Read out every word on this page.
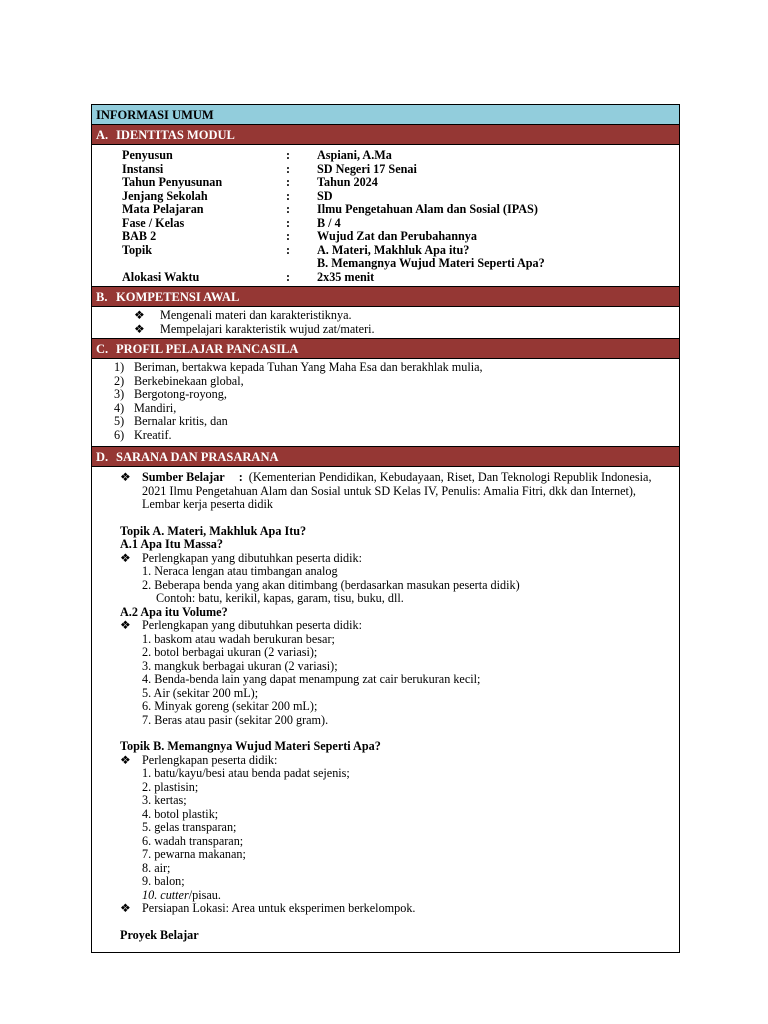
INFORMASI UMUM
A. IDENTITAS MODUL
Penyusun	:	Aspiani, A.Ma
Instansi	:	SD Negeri 17 Senai
Tahun Penyusunan	:	Tahun 2024
Jenjang Sekolah	:	SD
Mata Pelajaran	:	Ilmu Pengetahuan Alam dan Sosial (IPAS)
Fase / Kelas	:	B / 4
BAB 2	:	Wujud Zat dan Perubahannya
Topik	:	A. Materi, Makhluk Apa itu?
B. Memangnya Wujud Materi Seperti Apa?
Alokasi Waktu	:	2x35 menit
B. KOMPETENSI AWAL
❖	Mengenali materi dan karakteristiknya.
❖	Mempelajari karakteristik wujud zat/materi.
C. PROFIL PELAJAR PANCASILA
1) Beriman, bertakwa kepada Tuhan Yang Maha Esa dan berakhlak mulia,
2) Berkebinekaan global,
3) Bergotong-royong,
4) Mandiri,
5) Bernalar kritis, dan
6) Kreatif.
D. SARANA DAN PRASARANA
❖ Sumber Belajar : (Kementerian Pendidikan, Kebudayaan, Riset, Dan Teknologi Republik Indonesia, 2021 Ilmu Pengetahuan Alam dan Sosial untuk SD Kelas IV, Penulis: Amalia Fitri, dkk dan Internet), Lembar kerja peserta didik
Topik A. Materi, Makhluk Apa Itu?
A.1 Apa Itu Massa?
❖ Perlengkapan yang dibutuhkan peserta didik:
1. Neraca lengan atau timbangan analog
2. Beberapa benda yang akan ditimbang (berdasarkan masukan peserta didik)
Contoh: batu, kerikil, kapas, garam, tisu, buku, dll.
A.2 Apa itu Volume?
❖ Perlengkapan yang dibutuhkan peserta didik:
1. baskom atau wadah berukuran besar;
2. botol berbagai ukuran (2 variasi);
3. mangkuk berbagai ukuran (2 variasi);
4. Benda-benda lain yang dapat menampung zat cair berukuran kecil;
5. Air (sekitar 200 mL);
6. Minyak goreng (sekitar 200 mL);
7. Beras atau pasir (sekitar 200 gram).
Topik B. Memangnya Wujud Materi Seperti Apa?
❖ Perlengkapan peserta didik:
1. batu/kayu/besi atau benda padat sejenis;
2. plastisin;
3. kertas;
4. botol plastik;
5. gelas transparan;
6. wadah transparan;
7. pewarna makanan;
8. air;
9. balon;
10. cutter/pisau.
❖ Persiapan Lokasi: Area untuk eksperimen berkelompok.
Proyek Belajar
